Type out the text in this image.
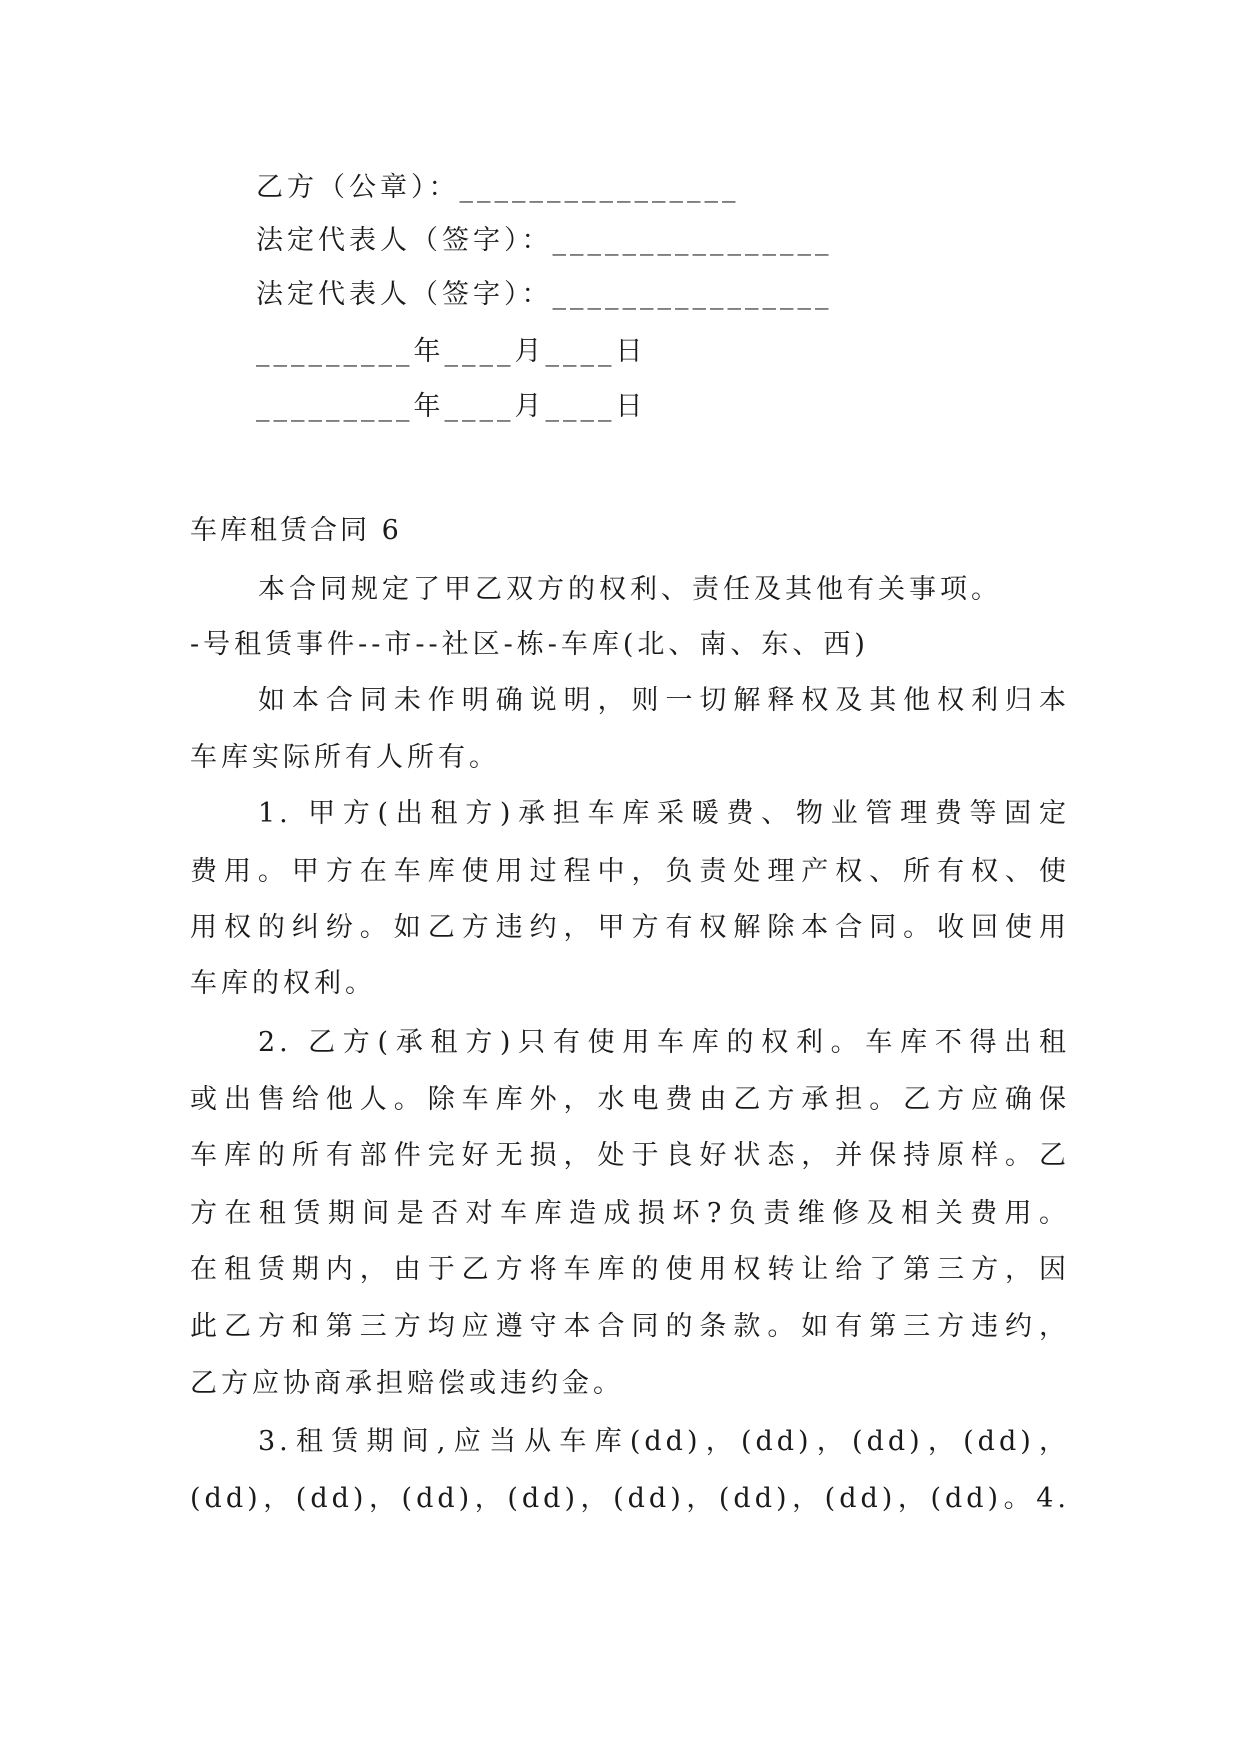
乙方（公章）：________________
法定代表人（签字）：________________
法定代表人（签字）：________________
_________年____月____日
_________年____月____日
车库租赁合同 6
本合同规定了甲乙双方的权利、责任及其他有关事项。
-号租赁事件--市--社区-栋-车库(北、南、东、西)
如本合同未作明确说明，则一切解释权及其他权利归本
车库实际所有人所有。
1. 甲方(出租方)承担车库采暖费、物业管理费等固定
费用。甲方在车库使用过程中，负责处理产权、所有权、使
用权的纠纷。如乙方违约，甲方有权解除本合同。收回使用
车库的权利。
2. 乙方(承租方)只有使用车库的权利。车库不得出租
或出售给他人。除车库外，水电费由乙方承担。乙方应确保
车库的所有部件完好无损，处于良好状态，并保持原样。乙
方在租赁期间是否对车库造成损坏?负责维修及相关费用。
在租赁期内，由于乙方将车库的使用权转让给了第三方，因
此乙方和第三方均应遵守本合同的条款。如有第三方违约，
乙方应协商承担赔偿或违约金。
3.租赁期间,应当从车库(dd)，(dd)，(dd)，(dd)，
(dd)，(dd)，(dd)，(dd)，(dd)，(dd)，(dd)，(dd)。4.
